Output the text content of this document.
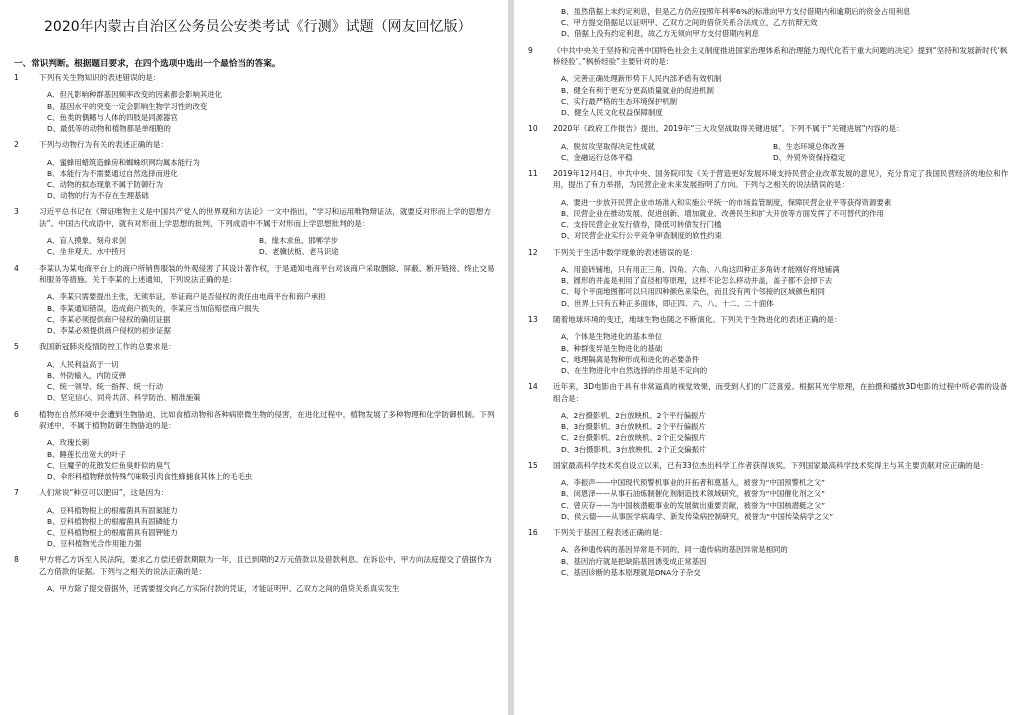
2020年内蒙古自治区公务员公安类考试《行测》试题（网友回忆版）
一、常识判断。根据题目要求，在四个选项中选出一个最恰当的答案。
1	下列有关生物知识的表述错误的是：
A、但凡影响种群基因频率改变的因素都会影响其进化
B、基因水平的突变一定会影响生物学习性的改变
C、鱼类的偶鳍与人体的四肢是同源器官
D、最低等的动物和植物都是单细胞的
2	下列与动物行为有关的表述正确的是：
A、蜜蜂用蜡筑造蜂房和蜘蛛织网均属本能行为
B、本能行为不需要通过自然选择而进化
C、动物的拟态现象不属于防御行为
D、动物的行为不存在生理基础
3	习近平总书记在《辩证唯物主义是中国共产党人的世界观和方法论》一文中指出，“学习和运用唯物辩证法，就要反对形而上学的思想方法”。中国古代成语中，就有对形而上学思想的批判，下列成语中不属于对形而上学思想批判的是：
A、盲人摸象、刻舟求剑	B、缘木求鱼、邯郸学步
C、坐井观天、水中捞月	D、老骥伏枥、老马识途
4	李某认为某电商平台上的商户所销售服装的外观侵害了其设计著作权，于是通知电商平台对该商户采取删除、屏蔽、断开链接、终止交易和服务等措施。关于李某的上述通知，下列说法正确的是：
A、李某只需要提出主张，无须举证，举证商户是否侵权的责任由电商平台和商户承担
B、李某通知错误，造成商户损失的，李某应当加倍赔偿商户损失
C、李某必须提供商户侵权的确切证据
D、李某必须提供商户侵权的初步证据
5	我国新冠肺炎疫情防控工作的总要求是：
A、人民利益高于一切
B、外防输入，内防反弹
C、统一领导、统一指挥、统一行动
D、坚定信心、同舟共济、科学防治、精准施策
6	植物在自然环境中会遭到生物胁迫，比如食植动物和各种病原微生物的侵害，在进化过程中，植物发展了多种物理和化学防御机制。下列叙述中，不属于植物防御生物胁迫的是：
A、玫瑰长刺
B、睡莲长出宽大的叶子
C、巨魔芋的花散发烂鱼臭虾似的臭气
D、伞形科植物释放特殊气味吸引肉食性蜂捕食其体上的毛毛虫
7	人们常说“种豆可以肥田”，这是因为：
A、豆科植物根上的根瘤菌具有固氮能力
B、豆科植物根上的根瘤菌具有固磷能力
C、豆科植物根上的根瘤菌具有固钾能力
D、豆科植物光合作用能力强
8	甲方将乙方诉至人民法院，要求乙方偿还借款期限为一年，且已到期的2万元借款以及借款利息。在诉讼中，甲方向法庭提交了借据作为乙方借款的证据。下列与之相关的说法正确的是：
A、甲方除了提交借据外，还需要提交向乙方实际付款的凭证，才能证明甲、乙双方之间的借贷关系真实发生
B、虽然借据上未约定利息，但是乙方仍应按照年利率6%的标准向甲方支付借期内和逾期后的资金占用利息
C、甲方提交借据足以证明甲、乙双方之间的借贷关系合法成立，乙方抗辩无效
D、借据上没有约定利息，故乙方无须向甲方支付借期内利息
9	《中共中央关于坚持和完善中国特色社会主义制度推进国家治理体系和治理能力现代化若干重大问题的决定》提到“坚持和发展新时代‘枫桥经验’。”枫桥经验”主要针对的是：
A、完善正确处理新形势下人民内部矛盾有效机制
B、健全有利于更充分更高质量就业的促进机制
C、实行最严格的生态环境保护机制
D、健全人民文化权益保障制度
10	2020年《政府工作报告》提出，2019年“三大攻坚战取得关键进展”。下列不属于“关键进展”内容的是：
A、脱贫攻坚取得决定性成就	B、生态环境总体改善
C、金融运行总体平稳	D、外贸外资保持稳定
11	2019年12月4日，中共中央、国务院印发《关于营造更好发展环境支持民营企业改革发展的意见》，充分肯定了我国民营经济的地位和作用，提出了有力举措，为民营企业未来发展指明了方向。下列与之相关的说法错误的是：
A、要进一步放开民营企业市场准入和实施公平统一的市场监管制度，保障民营企业平等获得资源要素
B、民营企业在推动发展、促进创新、增加就业、改善民生和扩大开放等方面发挥了不可替代的作用
C、支持民营企业发行债券，降低可转债发行门槛
D、对民营企业实行公平竞争审查制度的软性约束
12	下列关于生活中数学现象的表述错误的是：
A、用瓷砖铺地，只有用正三角、四角、六角、八角这四种正多角砖才能刚好将地铺满
B、圆形的井盖是利用了直径相等原理，这样不论怎么移动井盖，盖子都不会掉下去
C、每个平面地图都可以只用四种颜色来染色，而且没有两个邻接的区域颜色相同
D、世界上只有五种正多面体，即正四、六、八、十二、二十面体
13	随着地球环境的变迁，地球生物也随之不断演化。下列关于生物进化的表述正确的是：
A、个体是生物进化的基本单位
B、种群变异是生物进化的基础
C、地理隔离是物种形成和进化的必要条件
D、在生物进化中自然选择的作用是不定向的
14	近年来，3D电影由于具有非常逼真的视觉效果，而受到人们的广泛喜爱。根据其光学原理，在拍摄和播放3D电影的过程中所必需的设备组合是：
A、2台摄影机、2台放映机、2个平行偏振片
B、3台摄影机、3台放映机、2个平行偏振片
C、2台摄影机、2台放映机、2个正交偏振片
D、3台摄影机、3台放映机、2个正交偏振片
15	国家最高科学技术奖自设立以来，已有33位杰出科学工作者获得该奖。下列国家最高科学技术奖得主与其主要贡献对应正确的是：
A、李振声——中国现代预警机事业的开拓者和奠基人，被誉为“中国预警机之父”
B、闵恩泽——从事石油炼制催化剂制造技术领域研究，被誉为“中国催化剂之父”
C、曾庆存——为中国核潜艇事业的发展做出重要贡献，被誉为“中国核潜艇之父”
D、侯云德——从事医学病毒学、新发传染病控制研究，被誉为“中国传染病学之父”
16	下列关于基因工程表述正确的是：
A、各种遗传病的基因异常是不同的，同一遗传病的基因异常是相同的
B、基因治疗就是把缺陷基因诱变成正常基因
C、基因诊断的基本原理就是DNA分子杂交
